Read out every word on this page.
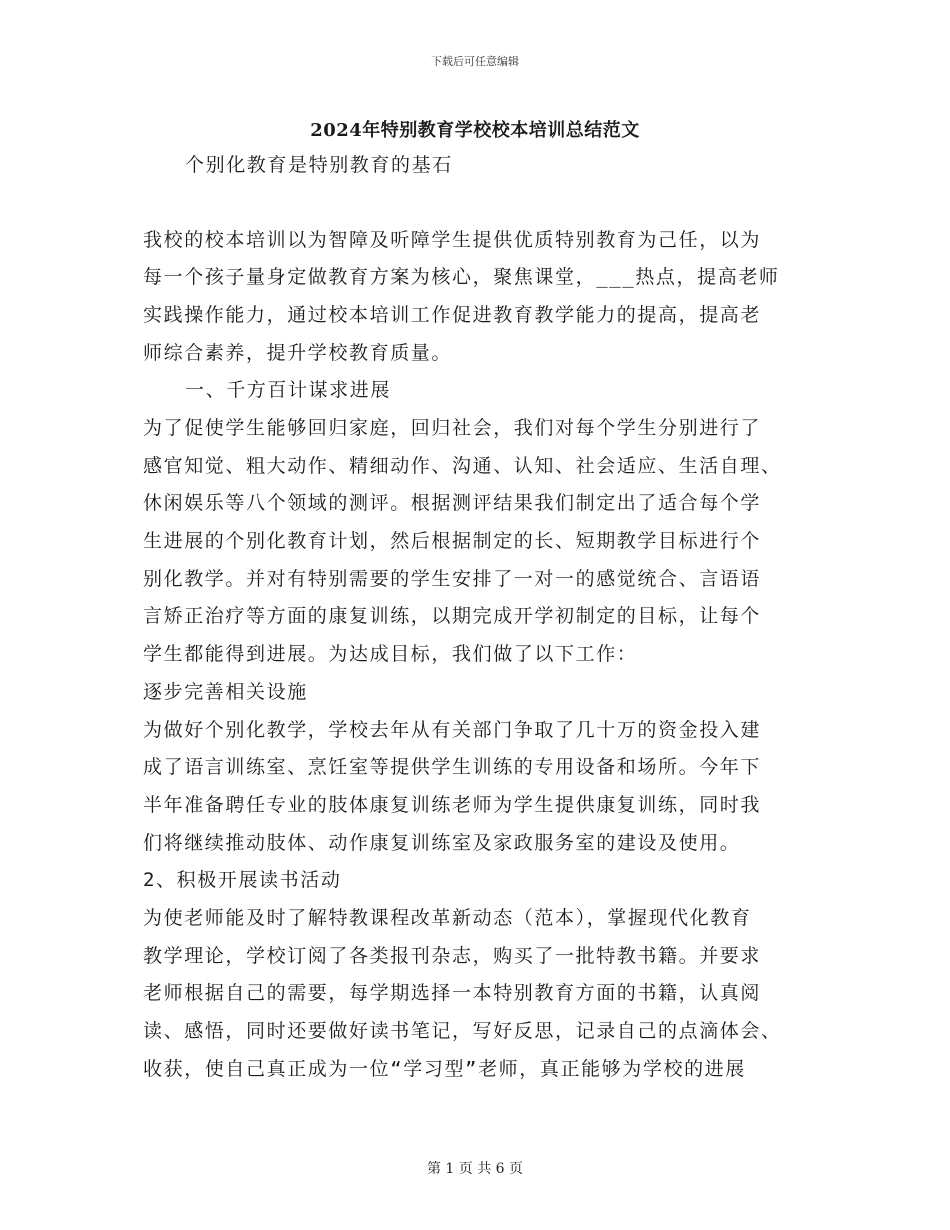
下载后可任意编辑
2024年特别教育学校校本培训总结范文
个别化教育是特别教育的基石
我校的校本培训以为智障及听障学生提供优质特别教育为己任，以为
每一个孩子量身定做教育方案为核心，聚焦课堂，___热点，提高老师
实践操作能力，通过校本培训工作促进教育教学能力的提高，提高老
师综合素养，提升学校教育质量。
一、千方百计谋求进展
为了促使学生能够回归家庭，回归社会，我们对每个学生分别进行了
感官知觉、粗大动作、精细动作、沟通、认知、社会适应、生活自理、
休闲娱乐等八个领域的测评。根据测评结果我们制定出了适合每个学
生进展的个别化教育计划，然后根据制定的长、短期教学目标进行个
别化教学。并对有特别需要的学生安排了一对一的感觉统合、言语语
言矫正治疗等方面的康复训练，以期完成开学初制定的目标，让每个
学生都能得到进展。为达成目标，我们做了以下工作：
逐步完善相关设施
为做好个别化教学，学校去年从有关部门争取了几十万的资金投入建
成了语言训练室、烹饪室等提供学生训练的专用设备和场所。今年下
半年准备聘任专业的肢体康复训练老师为学生提供康复训练，同时我
们将继续推动肢体、动作康复训练室及家政服务室的建设及使用。
2、积极开展读书活动
为使老师能及时了解特教课程改革新动态（范本），掌握现代化教育
教学理论，学校订阅了各类报刊杂志，购买了一批特教书籍。并要求
老师根据自己的需要，每学期选择一本特别教育方面的书籍，认真阅
读、感悟，同时还要做好读书笔记，写好反思，记录自己的点滴体会、
收获，使自己真正成为一位“学习型”老师，真正能够为学校的进展
第 1 页 共 6 页
